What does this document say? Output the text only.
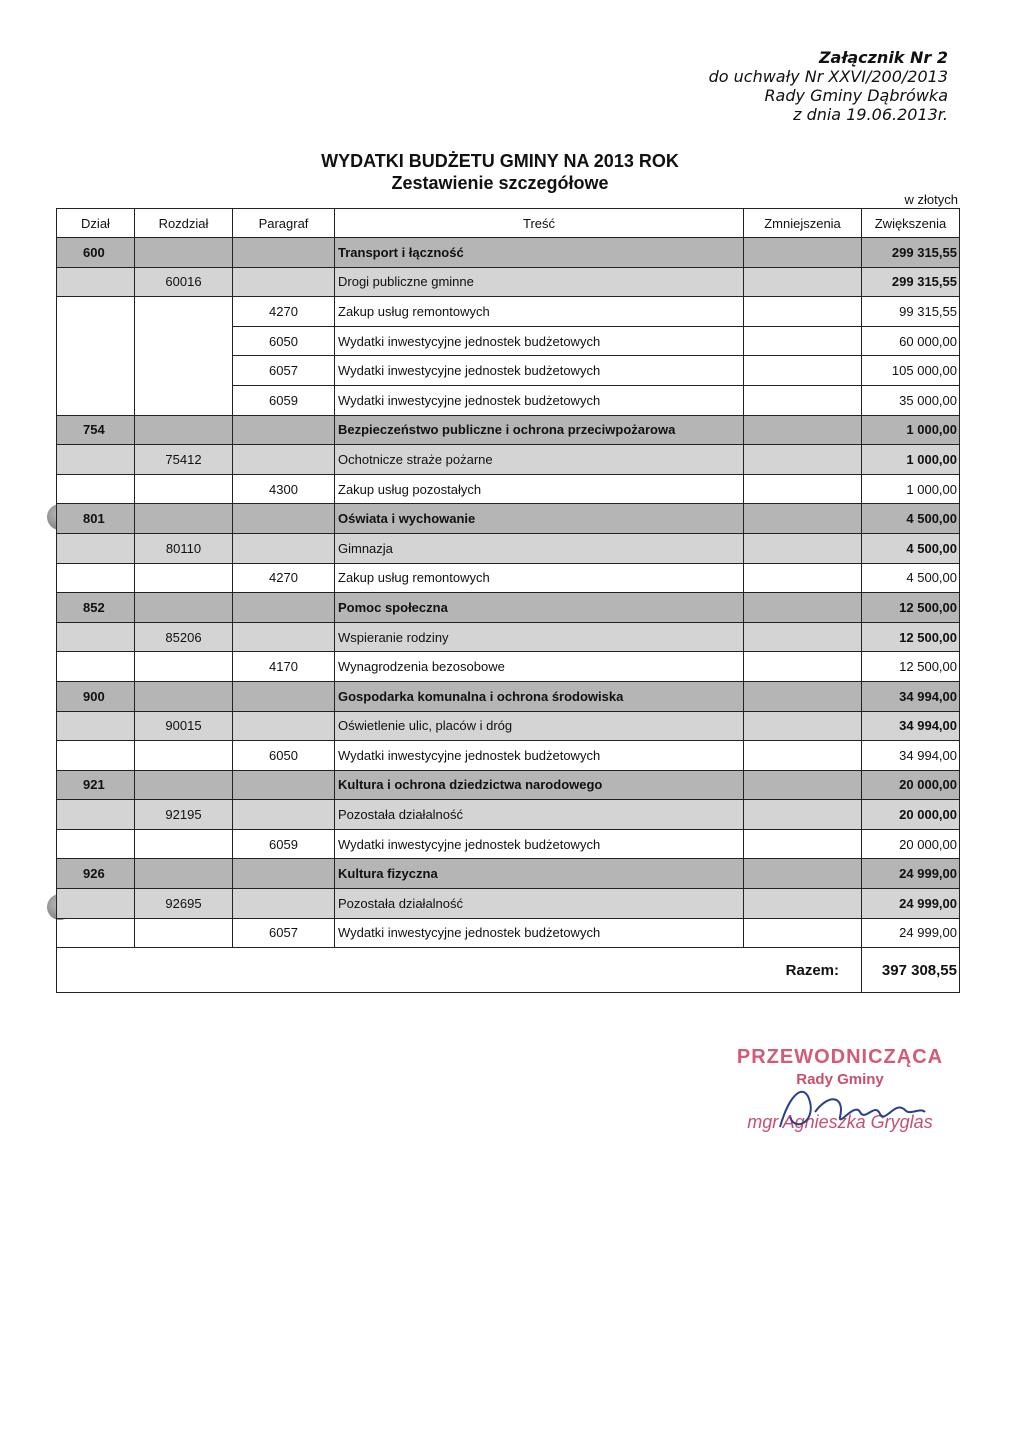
Załącznik Nr 2
do uchwały Nr XXVI/200/2013
Rady Gminy Dąbrówka
z dnia 19.06.2013r.
WYDATKI BUDŻETU GMINY NA 2013 ROK
Zestawienie szczegółowe
w złotych
Dział	Rozdział	Paragraf	Treść	Zmniejszenia	Zwiększenia
600			Transport i łączność		299 315,55
	60016		Drogi publiczne gminne		299 315,55
		4270	Zakup usług remontowych		99 315,55
		6050	Wydatki inwestycyjne jednostek budżetowych		60 000,00
		6057	Wydatki inwestycyjne jednostek budżetowych		105 000,00
		6059	Wydatki inwestycyjne jednostek budżetowych		35 000,00
754			Bezpieczeństwo publiczne i ochrona przeciwpożarowa		1 000,00
	75412		Ochotnicze straże pożarne		1 000,00
		4300	Zakup usług pozostałych		1 000,00
801			Oświata i wychowanie		4 500,00
	80110		Gimnazja		4 500,00
		4270	Zakup usług remontowych		4 500,00
852			Pomoc społeczna		12 500,00
	85206		Wspieranie rodziny		12 500,00
		4170	Wynagrodzenia bezosobowe		12 500,00
900			Gospodarka komunalna i ochrona środowiska		34 994,00
	90015		Oświetlenie ulic, placów i dróg		34 994,00
		6050	Wydatki inwestycyjne jednostek budżetowych		34 994,00
921			Kultura i ochrona dziedzictwa narodowego		20 000,00
	92195		Pozostała działalność		20 000,00
		6059	Wydatki inwestycyjne jednostek budżetowych		20 000,00
926			Kultura fizyczna		24 999,00
	92695		Pozostała działalność		24 999,00
		6057	Wydatki inwestycyjne jednostek budżetowych		24 999,00
Razem:					397 308,55
PRZEWODNICZĄCA
Rady Gminy
mgr Agnieszka Gryglas
